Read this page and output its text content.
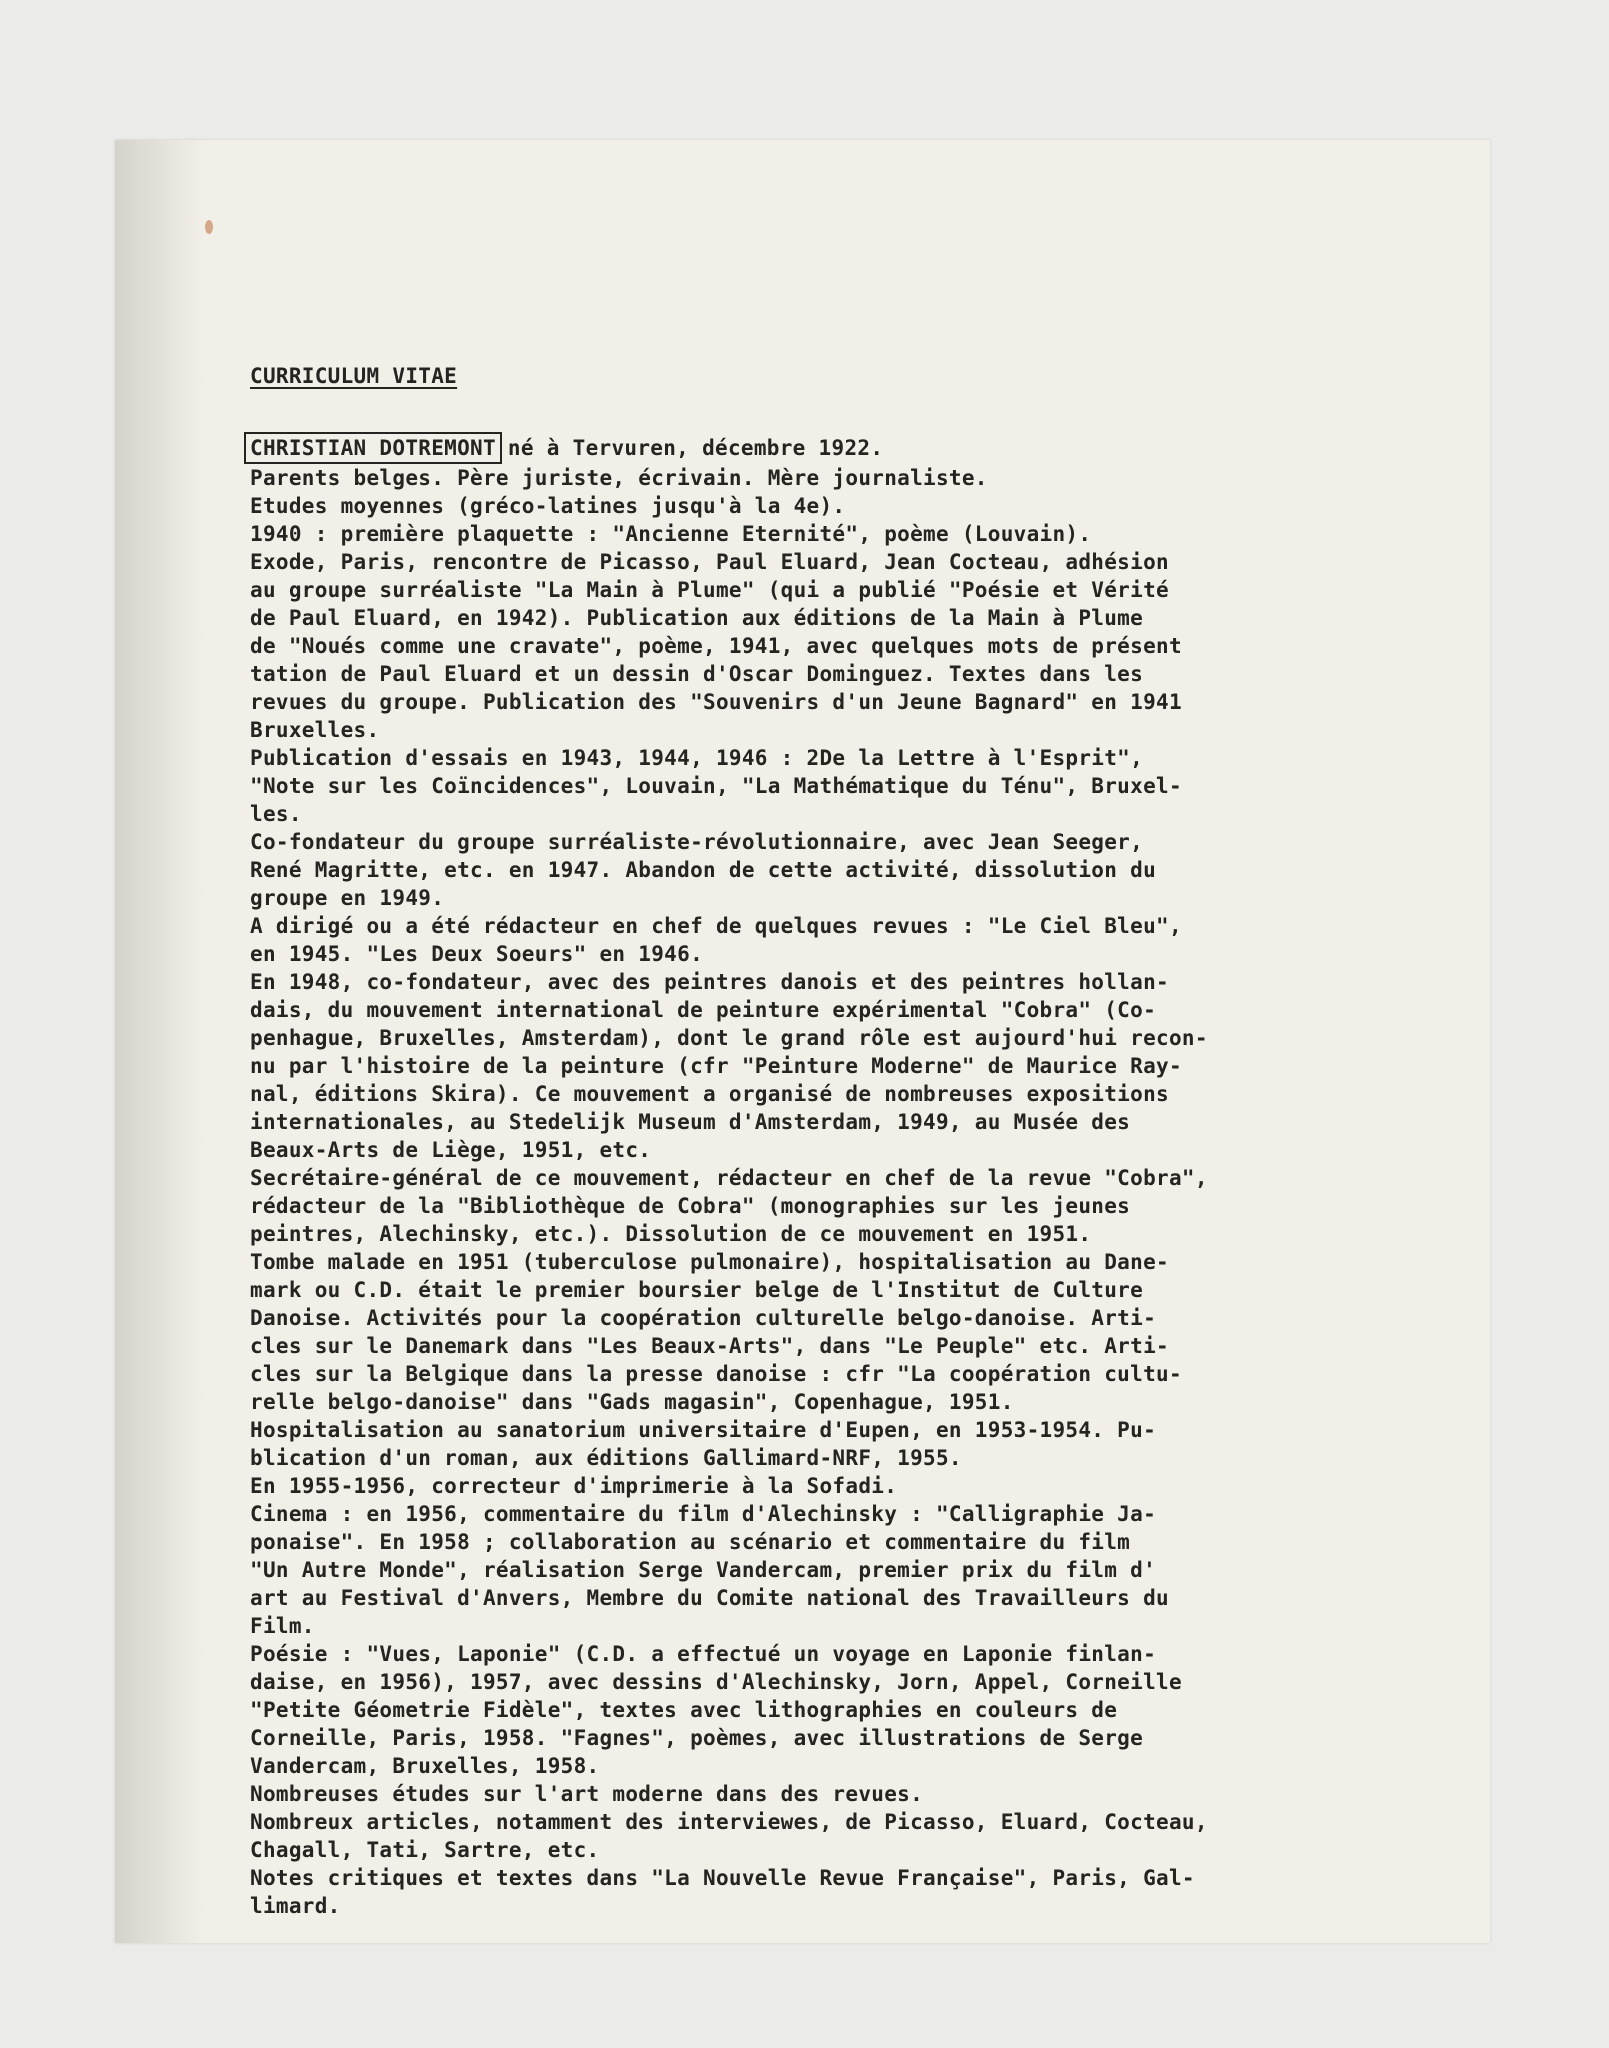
CURRICULUM VITAE
CHRISTIAN DOTREMONT né à Tervuren, décembre 1922.
Parents belges. Père juriste, écrivain. Mère journaliste.
Etudes moyennes (gréco-latines jusqu'à la 4e).
1940 : première plaquette : "Ancienne Eternité", poème (Louvain).
Exode, Paris, rencontre de Picasso, Paul Eluard, Jean Cocteau, adhésion
au groupe surréaliste "La Main à Plume" (qui a publié "Poésie et Vérité
de Paul Eluard, en 1942). Publication aux éditions de la Main à Plume
de "Noués comme une cravate", poème, 1941, avec quelques mots de présent
tation de Paul Eluard et un dessin d'Oscar Dominguez. Textes dans les
revues du groupe. Publication des "Souvenirs d'un Jeune Bagnard" en 1941
Bruxelles.
Publication d'essais en 1943, 1944, 1946 : 2De la Lettre à l'Esprit",
"Note sur les Coïncidences", Louvain, "La Mathématique du Ténu", Bruxel-
les.
Co-fondateur du groupe surréaliste-révolutionnaire, avec Jean Seeger,
René Magritte, etc. en 1947. Abandon de cette activité, dissolution du
groupe en 1949.
A dirigé ou a été rédacteur en chef de quelques revues : "Le Ciel Bleu",
en 1945. "Les Deux Soeurs" en 1946.
En 1948, co-fondateur, avec des peintres danois et des peintres hollan-
dais, du mouvement international de peinture expérimental "Cobra" (Co-
penhague, Bruxelles, Amsterdam), dont le grand rôle est aujourd'hui recon-
nu par l'histoire de la peinture (cfr "Peinture Moderne" de Maurice Ray-
nal, éditions Skira). Ce mouvement a organisé de nombreuses expositions
internationales, au Stedelijk Museum d'Amsterdam, 1949, au Musée des
Beaux-Arts de Liège, 1951, etc.
Secrétaire-général de ce mouvement, rédacteur en chef de la revue "Cobra",
rédacteur de la "Bibliothèque de Cobra" (monographies sur les jeunes
peintres, Alechinsky, etc.). Dissolution de ce mouvement en 1951.
Tombe malade en 1951 (tuberculose pulmonaire), hospitalisation au Dane-
mark ou C.D. était le premier boursier belge de l'Institut de Culture
Danoise. Activités pour la coopération culturelle belgo-danoise. Arti-
cles sur le Danemark dans "Les Beaux-Arts", dans "Le Peuple" etc. Arti-
cles sur la Belgique dans la presse danoise : cfr "La coopération cultu-
relle belgo-danoise" dans "Gads magasin", Copenhague, 1951.
Hospitalisation au sanatorium universitaire d'Eupen, en 1953-1954. Pu-
blication d'un roman, aux éditions Gallimard-NRF, 1955.
En 1955-1956, correcteur d'imprimerie à la Sofadi.
Cinema : en 1956, commentaire du film d'Alechinsky : "Calligraphie Ja-
ponaise". En 1958 ; collaboration au scénario et commentaire du film
"Un Autre Monde", réalisation Serge Vandercam, premier prix du film d'
art au Festival d'Anvers, Membre du Comite national des Travailleurs du
Film.
Poésie : "Vues, Laponie" (C.D. a effectué un voyage en Laponie finlan-
daise, en 1956), 1957, avec dessins d'Alechinsky, Jorn, Appel, Corneille
"Petite Géometrie Fidèle", textes avec lithographies en couleurs de
Corneille, Paris, 1958. "Fagnes", poèmes, avec illustrations de Serge
Vandercam, Bruxelles, 1958.
Nombreuses études sur l'art moderne dans des revues.
Nombreux articles, notamment des interviewes, de Picasso, Eluard, Cocteau,
Chagall, Tati, Sartre, etc.
Notes critiques et textes dans "La Nouvelle Revue Française", Paris, Gal-
limard.
